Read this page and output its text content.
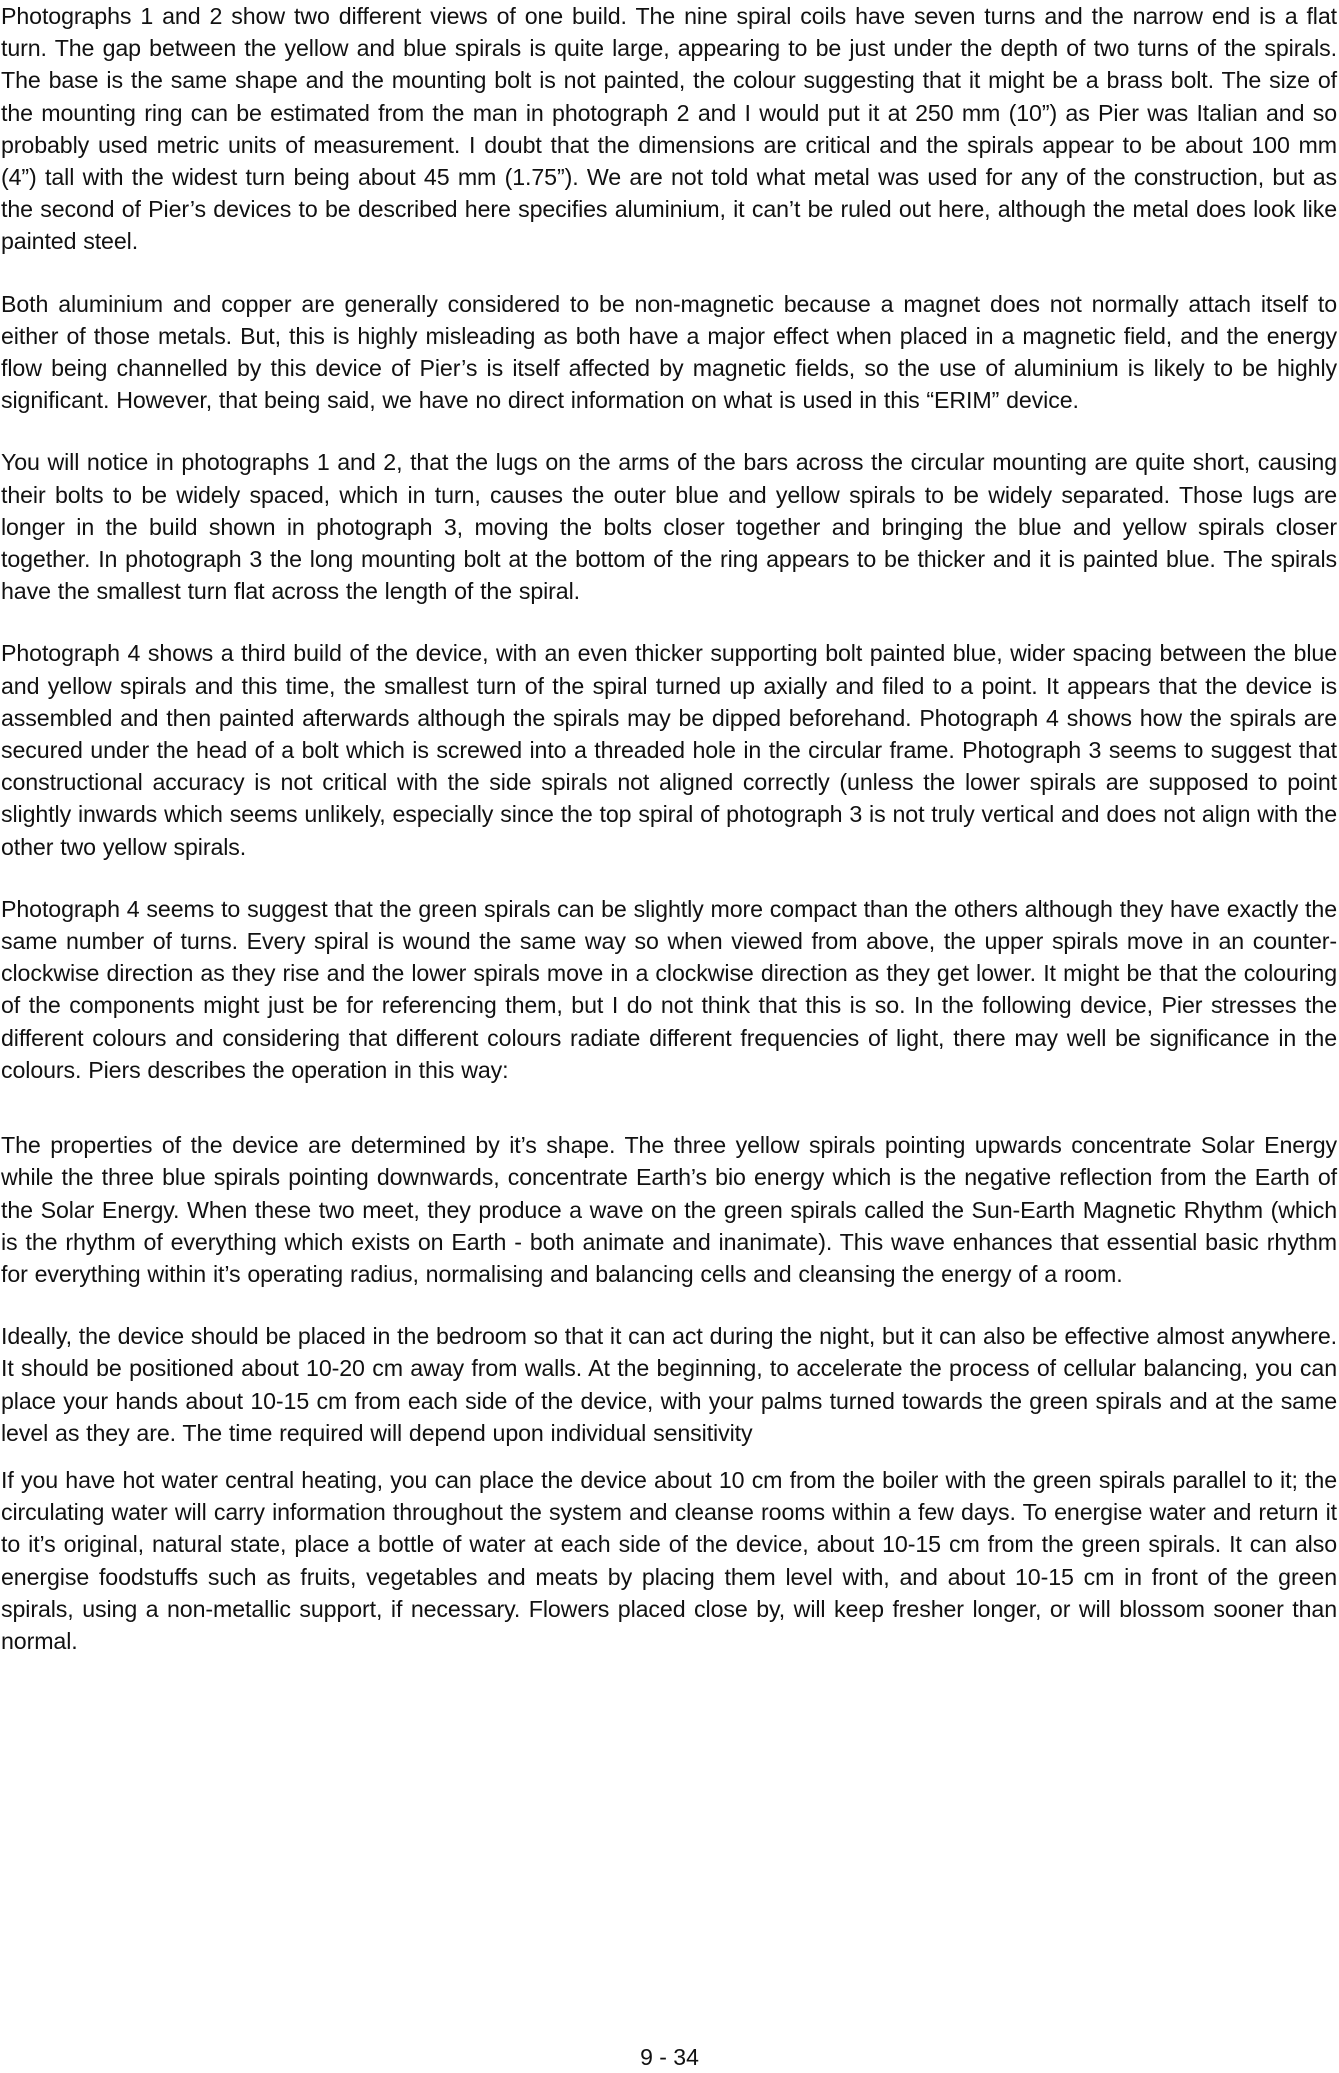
Photographs 1 and 2 show two different views of one build. The nine spiral coils have seven turns and the narrow end is a flat turn. The gap between the yellow and blue spirals is quite large, appearing to be just under the depth of two turns of the spirals. The base is the same shape and the mounting bolt is not painted, the colour suggesting that it might be a brass bolt. The size of the mounting ring can be estimated from the man in photograph 2 and I would put it at 250 mm (10”) as Pier was Italian and so probably used metric units of measurement. I doubt that the dimensions are critical and the spirals appear to be about 100 mm (4”) tall with the widest turn being about 45 mm (1.75”). We are not told what metal was used for any of the construction, but as the second of Pier’s devices to be described here specifies aluminium, it can’t be ruled out here, although the metal does look like painted steel.

Both aluminium and copper are generally considered to be non-magnetic because a magnet does not normally attach itself to either of those metals. But, this is highly misleading as both have a major effect when placed in a magnetic field, and the energy flow being channelled by this device of Pier’s is itself affected by magnetic fields, so the use of aluminium is likely to be highly significant. However, that being said, we have no direct information on what is used in this “ERIM” device.

You will notice in photographs 1 and 2, that the lugs on the arms of the bars across the circular mounting are quite short, causing their bolts to be widely spaced, which in turn, causes the outer blue and yellow spirals to be widely separated. Those lugs are longer in the build shown in photograph 3, moving the bolts closer together and bringing the blue and yellow spirals closer together. In photograph 3 the long mounting bolt at the bottom of the ring appears to be thicker and it is painted blue. The spirals have the smallest turn flat across the length of the spiral.

Photograph 4 shows a third build of the device, with an even thicker supporting bolt painted blue, wider spacing between the blue and yellow spirals and this time, the smallest turn of the spiral turned up axially and filed to a point. It appears that the device is assembled and then painted afterwards although the spirals may be dipped beforehand. Photograph 4 shows how the spirals are secured under the head of a bolt which is screwed into a threaded hole in the circular frame. Photograph 3 seems to suggest that constructional accuracy is not critical with the side spirals not aligned correctly (unless the lower spirals are supposed to point slightly inwards which seems unlikely, especially since the top spiral of photograph 3 is not truly vertical and does not align with the other two yellow spirals.

Photograph 4 seems to suggest that the green spirals can be slightly more compact than the others although they have exactly the same number of turns. Every spiral is wound the same way so when viewed from above, the upper spirals move in an counter-clockwise direction as they rise and the lower spirals move in a clockwise direction as they get lower. It might be that the colouring of the components might just be for referencing them, but I do not think that this is so. In the following device, Pier stresses the different colours and considering that different colours radiate different frequencies of light, there may well be significance in the colours. Piers describes the operation in this way:

The properties of the device are determined by it’s shape. The three yellow spirals pointing upwards concentrate Solar Energy while the three blue spirals pointing downwards, concentrate Earth’s bio energy which is the negative reflection from the Earth of the Solar Energy. When these two meet, they produce a wave on the green spirals called the Sun-Earth Magnetic Rhythm (which is the rhythm of everything which exists on Earth - both animate and inanimate). This wave enhances that essential basic rhythm for everything within it’s operating radius, normalising and balancing cells and cleansing the energy of a room.

Ideally, the device should be placed in the bedroom so that it can act during the night, but it can also be effective almost anywhere. It should be positioned about 10-20 cm away from walls. At the beginning, to accelerate the process of cellular balancing, you can place your hands about 10-15 cm from each side of the device, with your palms turned towards the green spirals and at the same level as they are. The time required will depend upon individual sensitivity

If you have hot water central heating, you can place the device about 10 cm from the boiler with the green spirals parallel to it; the circulating water will carry information throughout the system and cleanse rooms within a few days. To energise water and return it to it’s original, natural state, place a bottle of water at each side of the device, about 10-15 cm from the green spirals. It can also energise foodstuffs such as fruits, vegetables and meats by placing them level with, and about 10-15 cm in front of the green spirals, using a non-metallic support, if necessary. Flowers placed close by, will keep fresher longer, or will blossom sooner than normal.

9 - 34
